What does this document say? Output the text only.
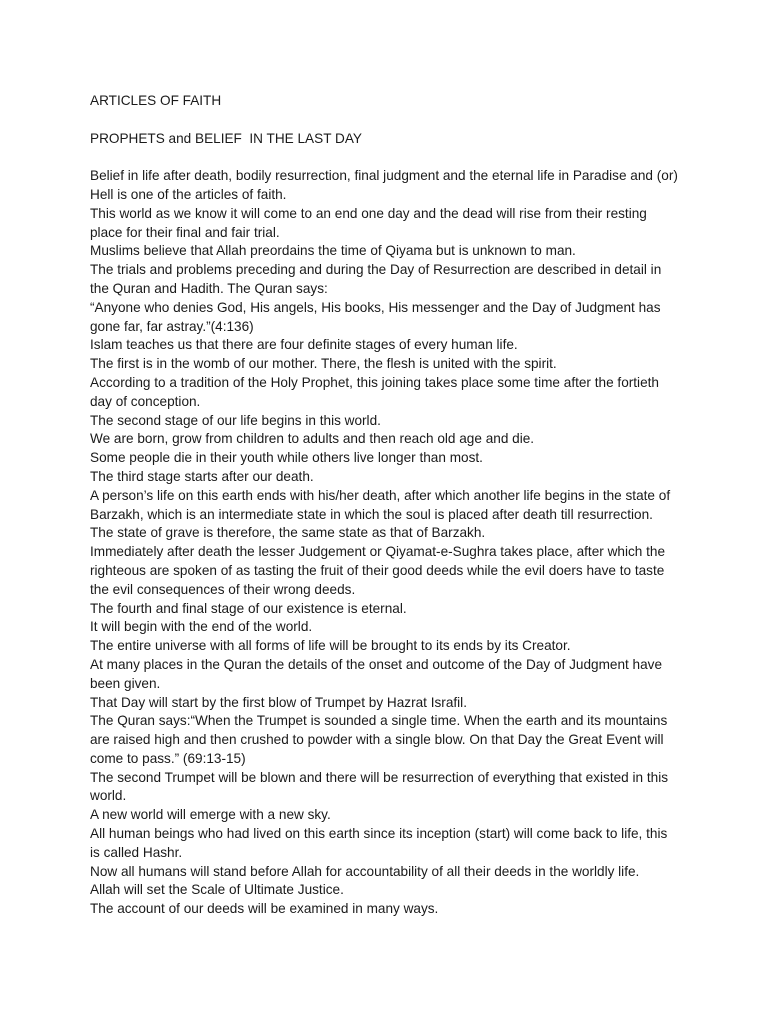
ARTICLES OF FAITH
PROPHETS and BELIEF  IN THE LAST DAY

Belief in life after death, bodily resurrection, final judgment and the eternal life in Paradise and (or) Hell is one of the articles of faith.

This world as we know it will come to an end one day and the dead will rise from their resting place for their final and fair trial.

Muslims believe that Allah preordains the time of Qiyama but is unknown to man.

The trials and problems preceding and during the Day of Resurrection are described in detail in the Quran and Hadith. The Quran says:

“Anyone who denies God, His angels, His books, His messenger and the Day of Judgment has gone far, far astray.”(4:136)

Islam teaches us that there are four definite stages of every human life.

The first is in the womb of our mother. There, the flesh is united with the spirit.

According to a tradition of the Holy Prophet, this joining takes place some time after the fortieth day of conception.

The second stage of our life begins in this world.

We are born, grow from children to adults and then reach old age and die.

Some people die in their youth while others live longer than most.

The third stage starts after our death.

A person’s life on this earth ends with his/her death, after which another life begins in the state of Barzakh, which is an intermediate state in which the soul is placed after death till resurrection.

The state of grave is therefore, the same state as that of Barzakh.

Immediately after death the lesser Judgement or Qiyamat-e-Sughra takes place, after which the righteous are spoken of as tasting the fruit of their good deeds while the evil doers have to taste the evil consequences of their wrong deeds.

The fourth and final stage of our existence is eternal.

It will begin with the end of the world.

The entire universe with all forms of life will be brought to its ends by its Creator.

At many places in the Quran the details of the onset and outcome of the Day of Judgment have been given.

That Day will start by the first blow of Trumpet by Hazrat Israfil.

The Quran says:“When the Trumpet is sounded a single time. When the earth and its mountains are raised high and then crushed to powder with a single blow. On that Day the Great Event will come to pass.” (69:13-15)

The second Trumpet will be blown and there will be resurrection of everything that existed in this world.

A new world will emerge with a new sky.

All human beings who had lived on this earth since its inception (start) will come back to life, this is called Hashr.

Now all humans will stand before Allah for accountability of all their deeds in the worldly life.

Allah will set the Scale of Ultimate Justice.

The account of our deeds will be examined in many ways.
